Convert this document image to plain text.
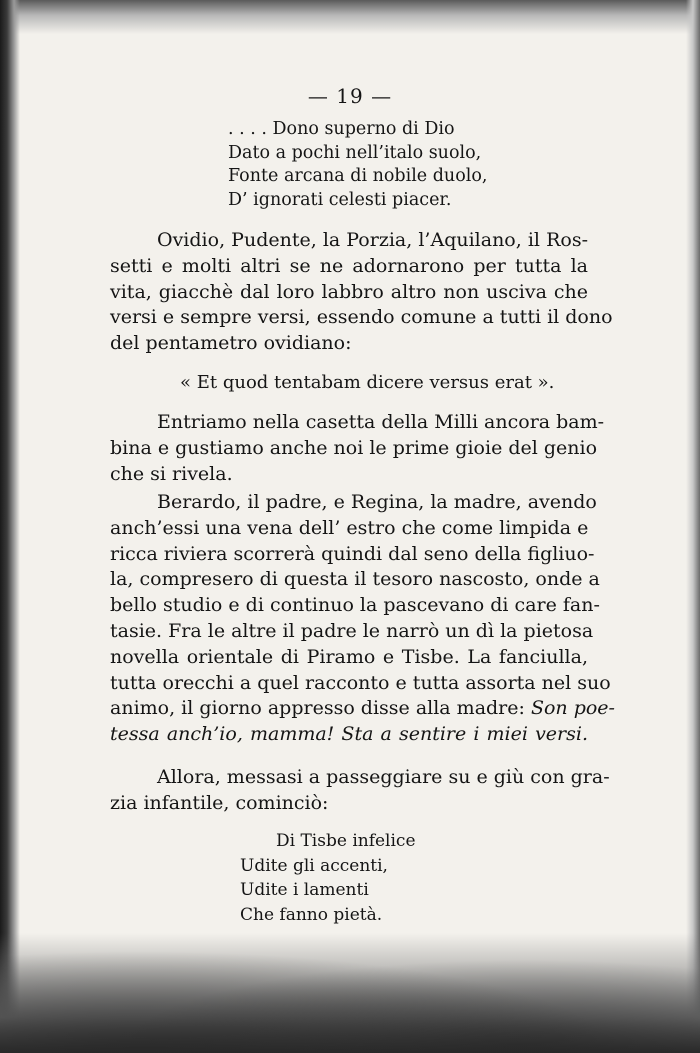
— 19 —
. . . . Dono superno di Dio
Dato a pochi nell’italo suolo,
Fonte arcana di nobile duolo,
D’ ignorati celesti piacer.
Ovidio, Pudente, la Porzia, l’Aquilano, il Ros-
setti e molti altri se ne adornarono per tutta la
vita, giacchè dal loro labbro altro non usciva che
versi e sempre versi, essendo comune a tutti il dono
del pentametro ovidiano:
« Et quod tentabam dicere versus erat ».
Entriamo nella casetta della Milli ancora bam-
bina e gustiamo anche noi le prime gioie del genio
che si rivela.
Berardo, il padre, e Regina, la madre, avendo
anch’essi una vena dell’ estro che come limpida e
ricca riviera scorrerà quindi dal seno della figliuo-
la, compresero di questa il tesoro nascosto, onde a
bello studio e di continuo la pascevano di care fan-
tasie. Fra le altre il padre le narrò un dì la pietosa
novella orientale di Piramo e Tisbe. La fanciulla,
tutta orecchi a quel racconto e tutta assorta nel suo
animo, il giorno appresso disse alla madre: Son poe-
tessa anch’io, mamma! Sta a sentire i miei versi.
Allora, messasi a passeggiare su e giù con gra-
zia infantile, cominciò:
Di Tisbe infelice
Udite gli accenti,
Udite i lamenti
Che fanno pietà.
